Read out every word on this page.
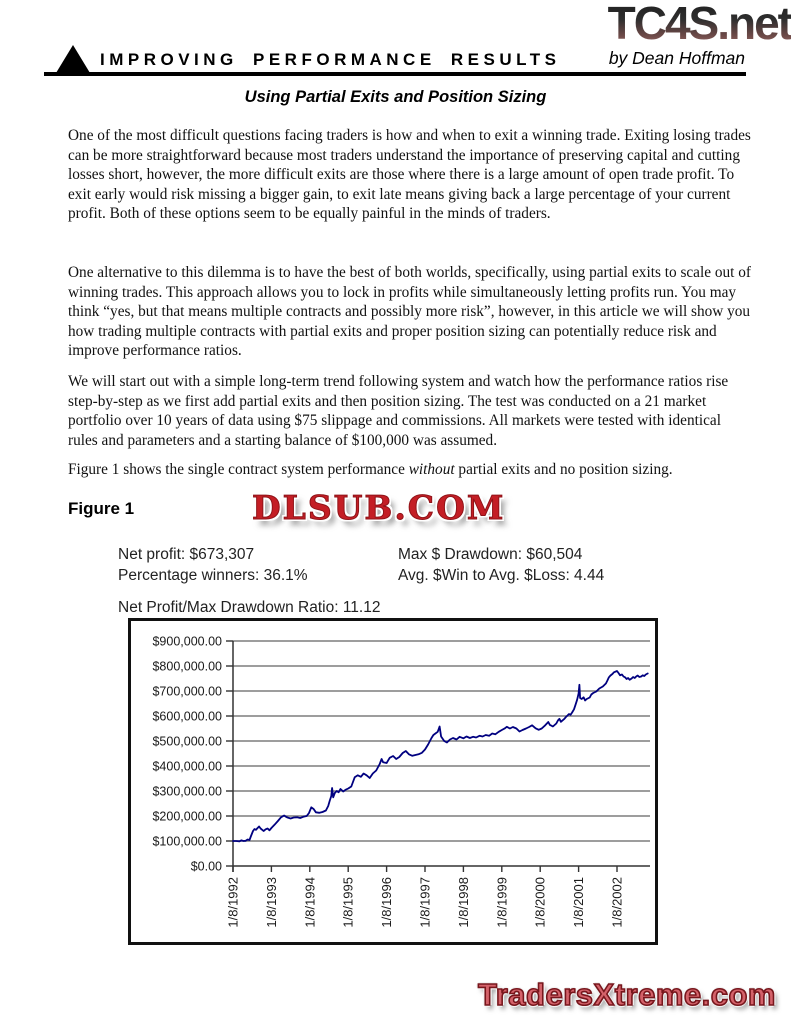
TC4S.net
IMPROVING PERFORMANCE RESULTS	by Dean Hoffman
Using Partial Exits and Position Sizing
One of the most difficult questions facing traders is how and when to exit a winning trade. Exiting losing trades can be more straightforward because most traders understand the importance of preserving capital and cutting losses short, however, the more difficult exits are those where there is a large amount of open trade profit. To exit early would risk missing a bigger gain, to exit late means giving back a large percentage of your current profit. Both of these options seem to be equally painful in the minds of traders.
One alternative to this dilemma is to have the best of both worlds, specifically, using partial exits to scale out of winning trades. This approach allows you to lock in profits while simultaneously letting profits run. You may think “yes, but that means multiple contracts and possibly more risk”, however, in this article we will show you how trading multiple contracts with partial exits and proper position sizing can potentially reduce risk and improve performance ratios.
We will start out with a simple long-term trend following system and watch how the performance ratios rise step-by-step as we first add partial exits and then position sizing. The test was conducted on a 21 market portfolio over 10 years of data using $75 slippage and commissions. All markets were tested with identical rules and parameters and a starting balance of $100,000 was assumed.
Figure 1 shows the single contract system performance without partial exits and no position sizing.
Figure 1	DLSUB.COM
Net profit: $673,307
Percentage winners: 36.1%
Max $ Drawdown: $60,504
Avg. $Win to Avg. $Loss: 4.44
Net Profit/Max Drawdown Ratio: 11.12
$900,000.00
$800,000.00
$700,000.00
$600,000.00
$500,000.00
$400,000.00
$300,000.00
$200,000.00
$100,000.00
$0.00
1/8/1992 1/8/1993 1/8/1994 1/8/1995 1/8/1996 1/8/1997 1/8/1998 1/8/1999 1/8/2000 1/8/2001 1/8/2002
TradersXtreme.com
